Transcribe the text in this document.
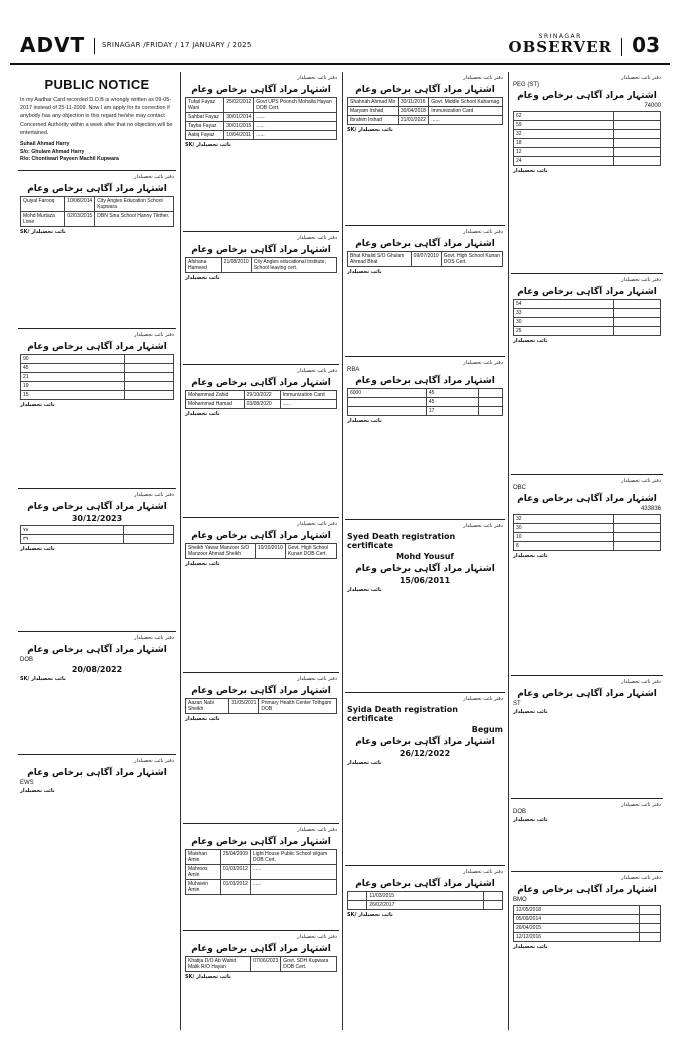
ADVT SRINAGAR /FRIDAY / 17 JANUARY / 2025
SRINAGAR
OBSERVER 03
PUBLIC NOTICE
In my Aadhar Card recorded D.O.B is wrongly written as 09-05-2017 instead of 25-11-2009. Now I am apply for its correction if anybody has any objection in this regard he/she may contact Concerned Authority within a week after that no objection will be entertained.
Suhail Ahmad Harry
S/o: Ghulam Ahmad Harry
R/o: Chontiwari Payeen Machil Kupwara
دفتر نائب تحصیلدار
اشتہار مراد آگاہی برخاص وعام
Quiyal Farooq	10/08/2014	City Angles Education School Kupwara
Mohd Murtaza Lone	02/03/2015	DBN Sina School Hanny Tikther.
SK/ نائب تحصیلدار
دفتر نائب تحصیلدار
اشتہار مراد آگاہی برخاص وعام
90	
45	
21	
19	
15	
نائب تحصیلدار
دفتر نائب تحصیلدار
اشتہار مراد آگاہی برخاص وعام
30/12/2023
۷۸	
۳۹	
نائب تحصیلدار
دفتر نائب تحصیلدار
اشتہار مراد آگاہی برخاص وعام
DOB
20/08/2022
SK/ نائب تحصیلدار
دفتر نائب تحصیلدار
اشتہار مراد آگاہی برخاص وعام
EWS
نائب تحصیلدار
دفتر نائب تحصیلدار
اشتہار مراد آگاہی برخاص وعام
Tufail Fayaz Wani	25/02/2012	Govt UPS Poonch Mohalla Hayan DOB Cert.
Sahbat Fayaz	30/01/2014	......
Tayba Fayaz	30/01/2015	......
Aatiq Fayaz	10/04/2011	......
SK/ نائب تحصیلدار
دفتر نائب تحصیلدار
اشتہار مراد آگاہی برخاص وعام
Afshana Hameed	21/08/2010	City Angles educational Institute, School leaving cert.
نائب تحصیلدار
دفتر نائب تحصیلدار
اشتہار مراد آگاہی برخاص وعام
Mohammad Zahid	29/10/2022	Immunization Card
Mohammad Hamad	03/08/2020	......
نائب تحصیلدار
دفتر نائب تحصیلدار
اشتہار مراد آگاہی برخاص وعام
Sheikh Yawar Manzoor S/O Manzoor Ahmad Sheikh	10/10/2010	Govt. High School Kunan DOB Cert.
نائب تحصیلدار
دفتر نائب تحصیلدار
اشتہار مراد آگاہی برخاص وعام
Aazan Nabi Sheikh	31/05/2021	Primary Health Center Tothgam DOB
نائب تحصیلدار
دفتر نائب تحصیلدار
اشتہار مراد آگاہی برخاص وعام
Maishan Amin	25/04/2009	Light House Public School vilgam DOB Cert.
Mahroos Amin	01/03/2012	......
Muhsiein Amin	01/03/2012	......
دفتر نائب تحصیلدار
اشتہار مراد آگاہی برخاص وعام
Khatija D/O Ab Wahid Malik R/O Hayan	07/06/2023	Govt. SDH Kupwara DOB Cert.
SK/ نائب تحصیلدار
دفتر نائب تحصیلدار
اشتہار مراد آگاہی برخاص وعام
Shahnah Ahmad Mir	30/11/2016	Govt. Middle School Kaharnag
Maryam Irshad	30/04/2018	Immunization Card
Ibrahim Irshad	21/01/2022	......
SK/ نائب تحصیلدار
دفتر نائب تحصیلدار
اشتہار مراد آگاہی برخاص وعام
Bhat Khalid S/O Ghulam Ahmad Bhat	09/07/2010	Govt. High School Kunan DOS Cert.
نائب تحصیلدار
دفتر نائب تحصیلدار
RBA
اشتہار مراد آگاہی برخاص وعام
6000	45	
	45	
	17	
نائب تحصیلدار
دفتر نائب تحصیلدار
Syed Death registration certificate
Mohd Yousuf
اشتہار مراد آگاہی برخاص وعام
15/06/2011
نائب تحصیلدار
دفتر نائب تحصیلدار
Syida Death registration certificate
Begum
اشتہار مراد آگاہی برخاص وعام
26/12/2022
نائب تحصیلدار
دفتر نائب تحصیلدار
اشتہار مراد آگاہی برخاص وعام
	11/03/2015	
	26/02/2017	
SK/ نائب تحصیلدار
دفتر نائب تحصیلدار
PEG (ST)
اشتہار مراد آگاہی برخاص وعام
74000
62	
59	
32	
18	
12	
24	
نائب تحصیلدار
دفتر نائب تحصیلدار
اشتہار مراد آگاہی برخاص وعام
54	
33	
30	
25	
نائب تحصیلدار
دفتر نائب تحصیلدار
OBC
اشتہار مراد آگاہی برخاص وعام
433836
32	
30	
10	
8	
نائب تحصیلدار
دفتر نائب تحصیلدار
اشتہار مراد آگاہی برخاص وعام
ST
نائب تحصیلدار
دفتر نائب تحصیلدار
DOB
نائب تحصیلدار
دفتر نائب تحصیلدار
اشتہار مراد آگاہی برخاص وعام
BMO
12/05/2018	
05/09/2014	
20/04/2015	
12/12/2016	
نائب تحصیلدار
